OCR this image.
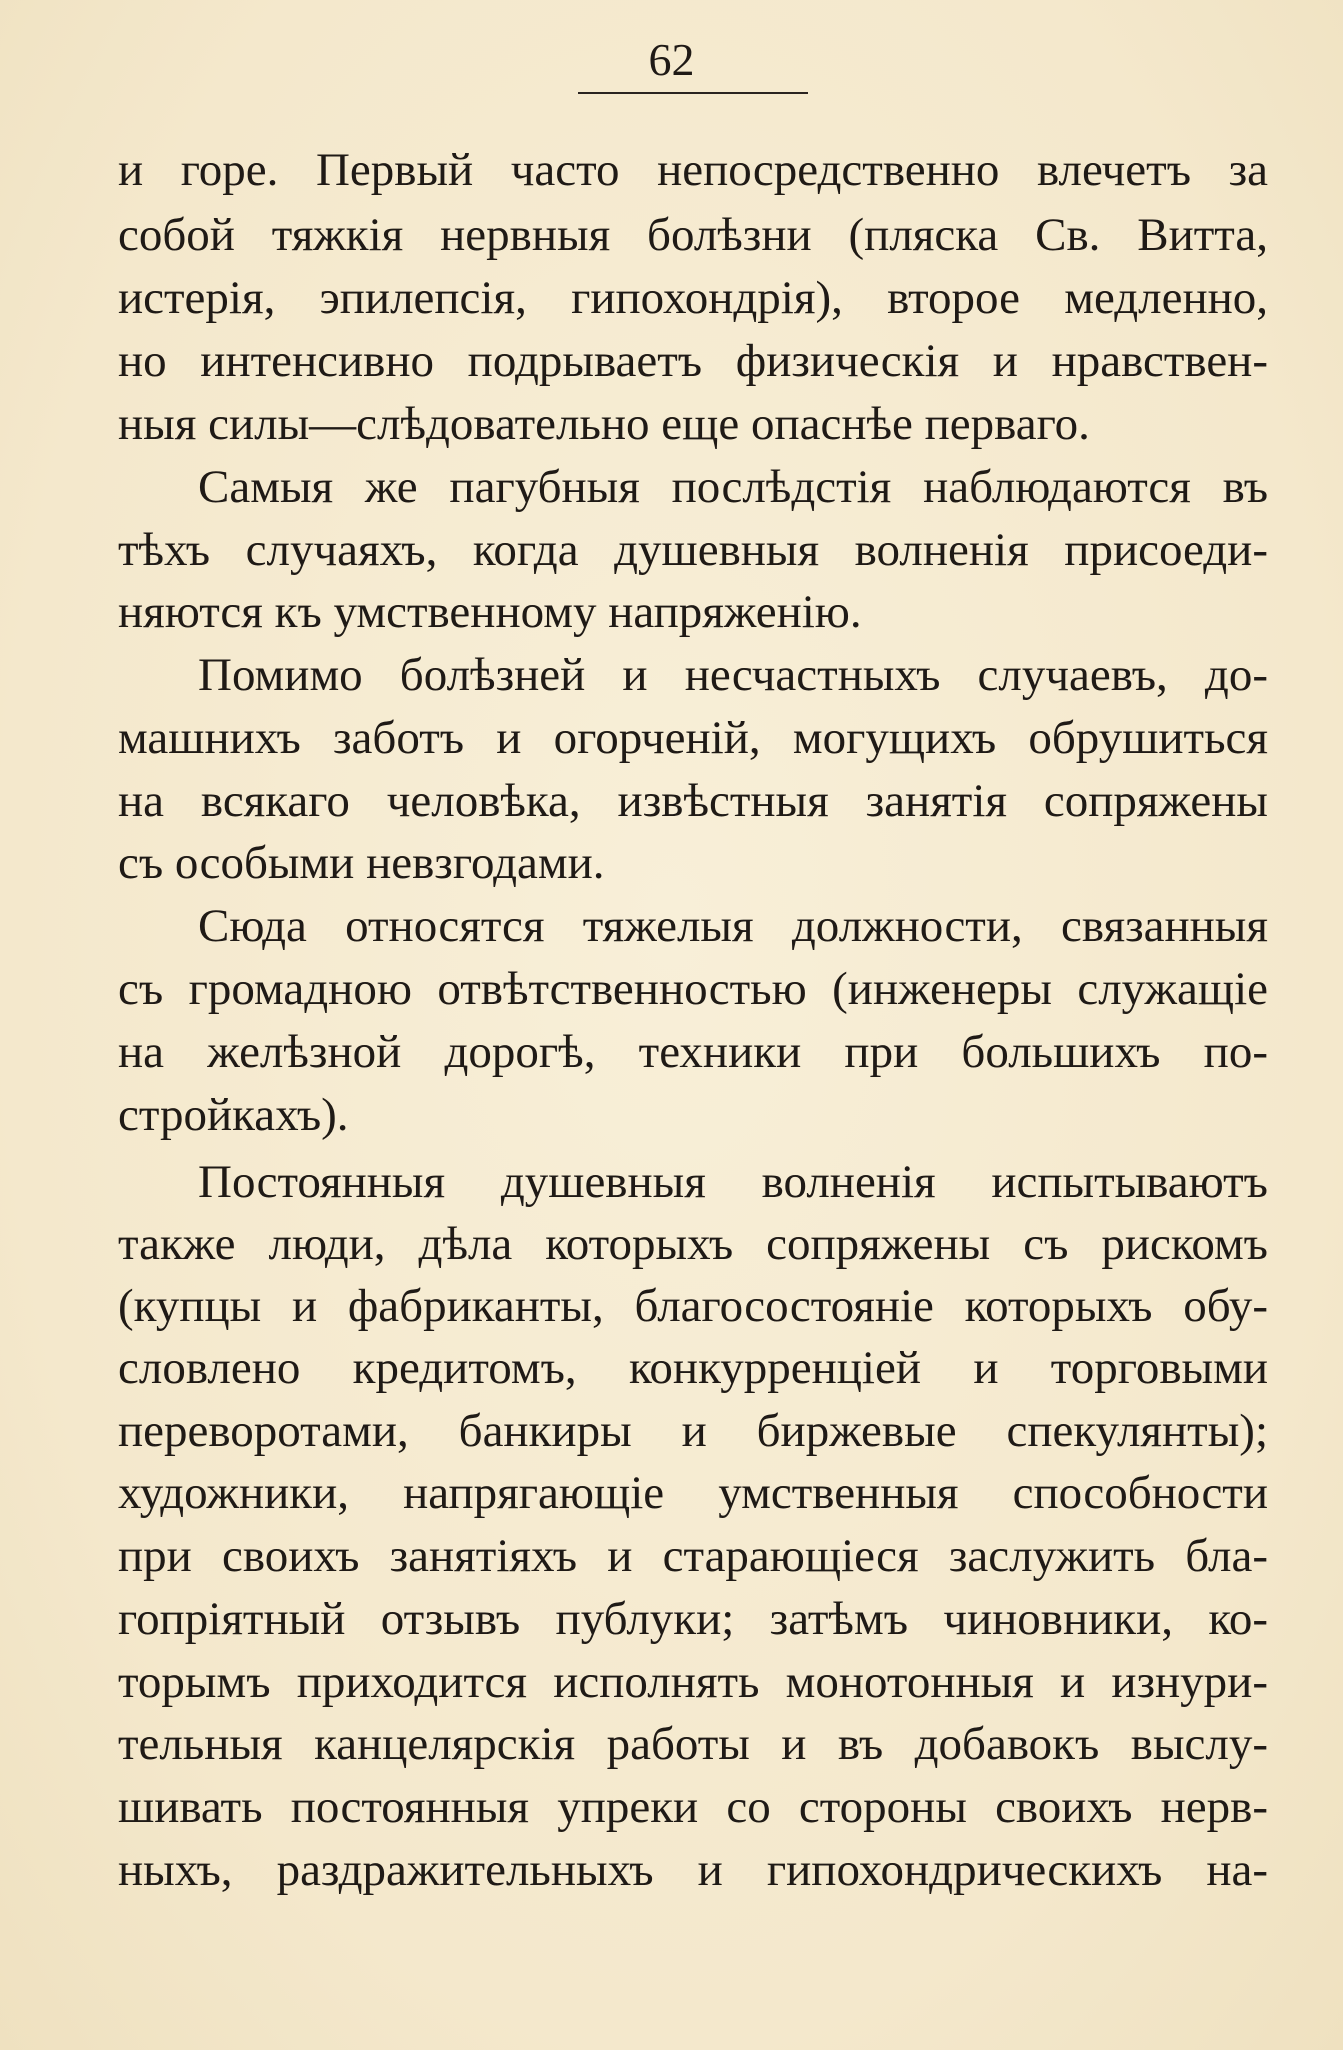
62
и горе. Первый часто непосредственно влечетъ за
собой тяжкія нервныя болѣзни (пляска Св. Витта,
истерія, эпилепсія, гипохондрія), второе медленно,
но интенсивно подрываетъ физическія и нравствен-
ныя силы—слѣдовательно еще опаснѣе перваго.
Самыя же пагубныя послѣдстія наблюдаются въ
тѣхъ случаяхъ, когда душевныя волненія присоеди-
няются къ умственному напряженію.
Помимо болѣзней и несчастныхъ случаевъ, до-
машнихъ заботъ и огорченій, могущихъ обрушиться
на всякаго человѣка, извѣстныя занятія сопряжены
съ особыми невзгодами.
Сюда относятся тяжелыя должности, связанныя
съ громадною отвѣтственностью (инженеры служащіе
на желѣзной дорогѣ, техники при большихъ по-
стройкахъ).
Постоянныя душевныя волненія испытываютъ
также люди, дѣла которыхъ сопряжены съ рискомъ
(купцы и фабриканты, благосостояніе которыхъ обу-
словлено кредитомъ, конкурренціей и торговыми
переворотами, банкиры и биржевые спекулянты);
художники, напрягающіе умственныя способности
при своихъ занятіяхъ и старающіеся заслужить бла-
гопріятный отзывъ публуки; затѣмъ чиновники, ко-
торымъ приходится исполнять монотонныя и изнури-
тельныя канцелярскія работы и въ добавокъ выслу-
шивать постоянныя упреки со стороны своихъ нерв-
ныхъ, раздражительныхъ и гипохондрическихъ на-
